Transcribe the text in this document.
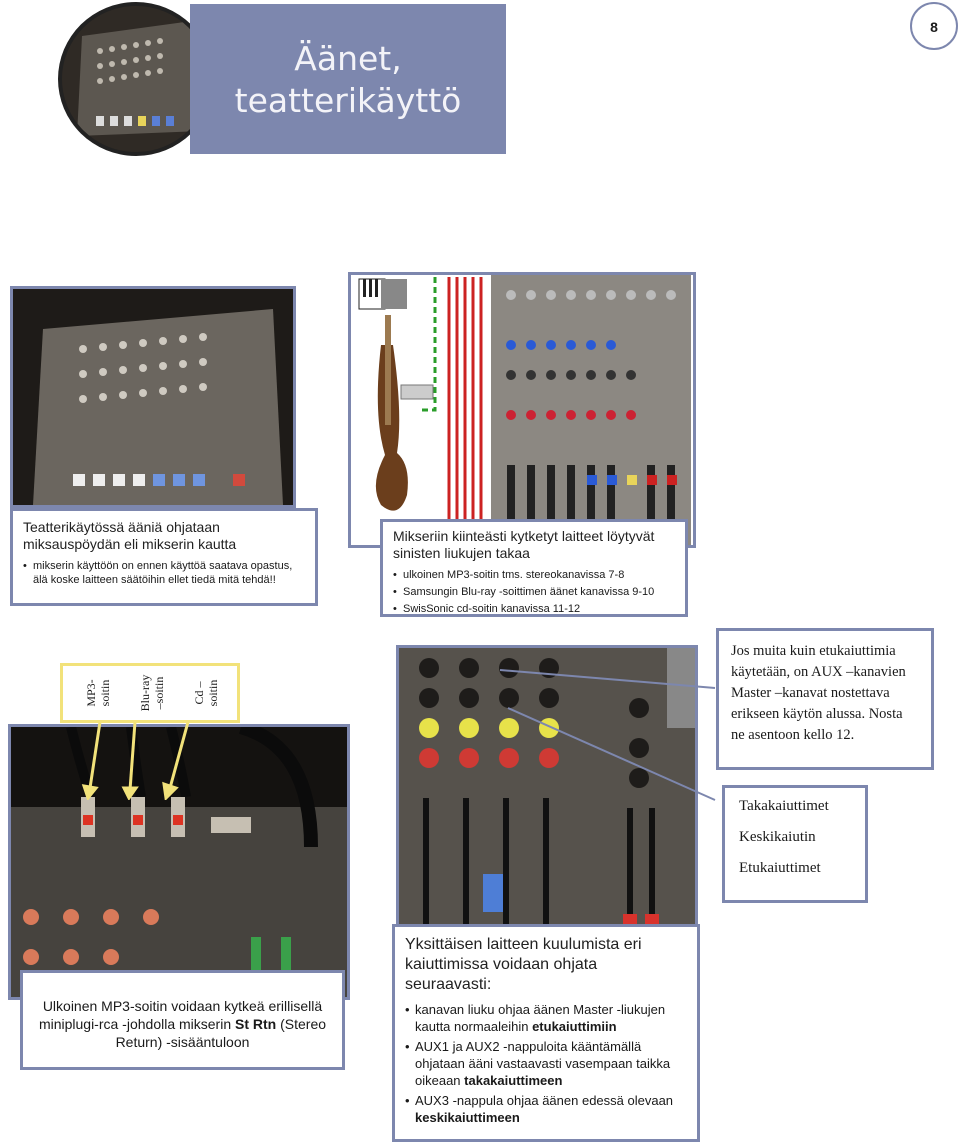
Äänet,
teatterikäyttö
8
Teatterikäytössä ääniä ohjataan miksauspöydän eli mikserin kautta
• mikserin käyttöön on ennen käyttöä saatava opastus, älä koske laitteen säätöihin ellet tiedä mitä tehdä!!
Mikseriin kiinteästi kytketyt laitteet löytyvät sinisten liukujen takaa
• ulkoinen MP3-soitin tms. stereokanavissa 7-8
• Samsungin Blu-ray -soittimen äänet kanavissa 9-10
• SwisSonic cd-soitin kanavissa 11-12
MP3-
soitin Blu-ray
–soitin Cd –
soitin
Ulkoinen MP3-soitin voidaan kytkeä erillisellä miniplugi-rca -johdolla mikserin St Rtn (Stereo Return) -sisääntuloon
Jos muita kuin etukaiuttimia käytetään, on AUX –kanavien Master –kanavat nostettava erikseen käytön alussa. Nosta ne asentoon kello 12.
Takakaiuttimet
Keskikaiutin
Etukaiuttimet
Yksittäisen laitteen kuulumista eri kaiuttimissa voidaan ohjata seuraavasti:
• kanavan liuku ohjaa äänen Master -liukujen kautta normaaleihin etukaiuttimiin
• AUX1 ja AUX2 -nappuloita kääntämällä ohjataan ääni vastaavasti vasempaan taikka oikeaan takakaiuttimeen
• AUX3 -nappula ohjaa äänen edessä olevaan keskikaiuttimeen
